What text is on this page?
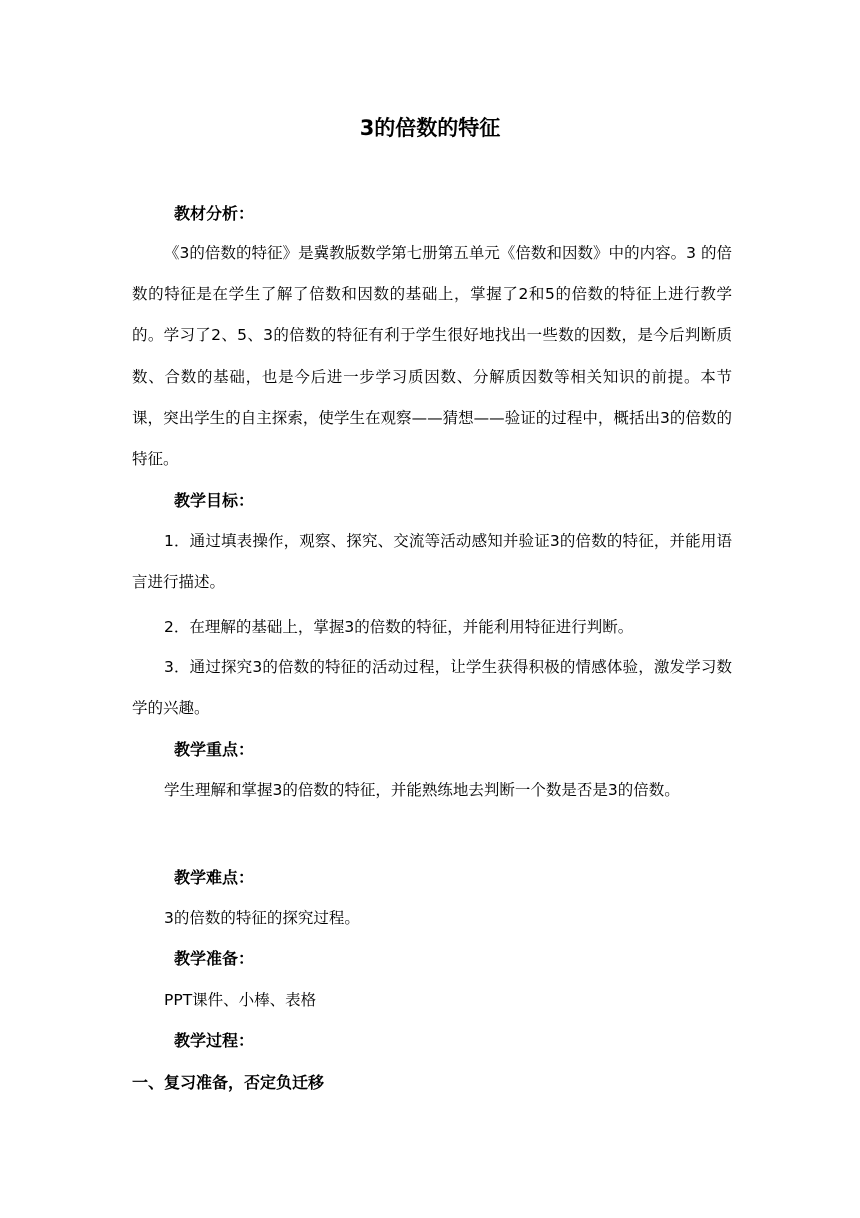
3的倍数的特征
教材分析：
《3的倍数的特征》是冀教版数学第七册第五单元《倍数和因数》中的内容。3 的倍数的特征是在学生了解了倍数和因数的基础上，掌握了2和5的倍数的特征上进行教学的。学习了2、5、3的倍数的特征有利于学生很好地找出一些数的因数，是今后判断质数、合数的基础，也是今后进一步学习质因数、分解质因数等相关知识的前提。本节课，突出学生的自主探索，使学生在观察——猜想——验证的过程中，概括出3的倍数的特征。
教学目标：
1．通过填表操作，观察、探究、交流等活动感知并验证3的倍数的特征，并能用语言进行描述。
2．在理解的基础上，掌握3的倍数的特征，并能利用特征进行判断。
3．通过探究3的倍数的特征的活动过程，让学生获得积极的情感体验，激发学习数学的兴趣。
教学重点：
学生理解和掌握3的倍数的特征，并能熟练地去判断一个数是否是3的倍数。
教学难点：
3的倍数的特征的探究过程。
教学准备：
PPT课件、小棒、表格
教学过程：
一、复习准备，否定负迁移
